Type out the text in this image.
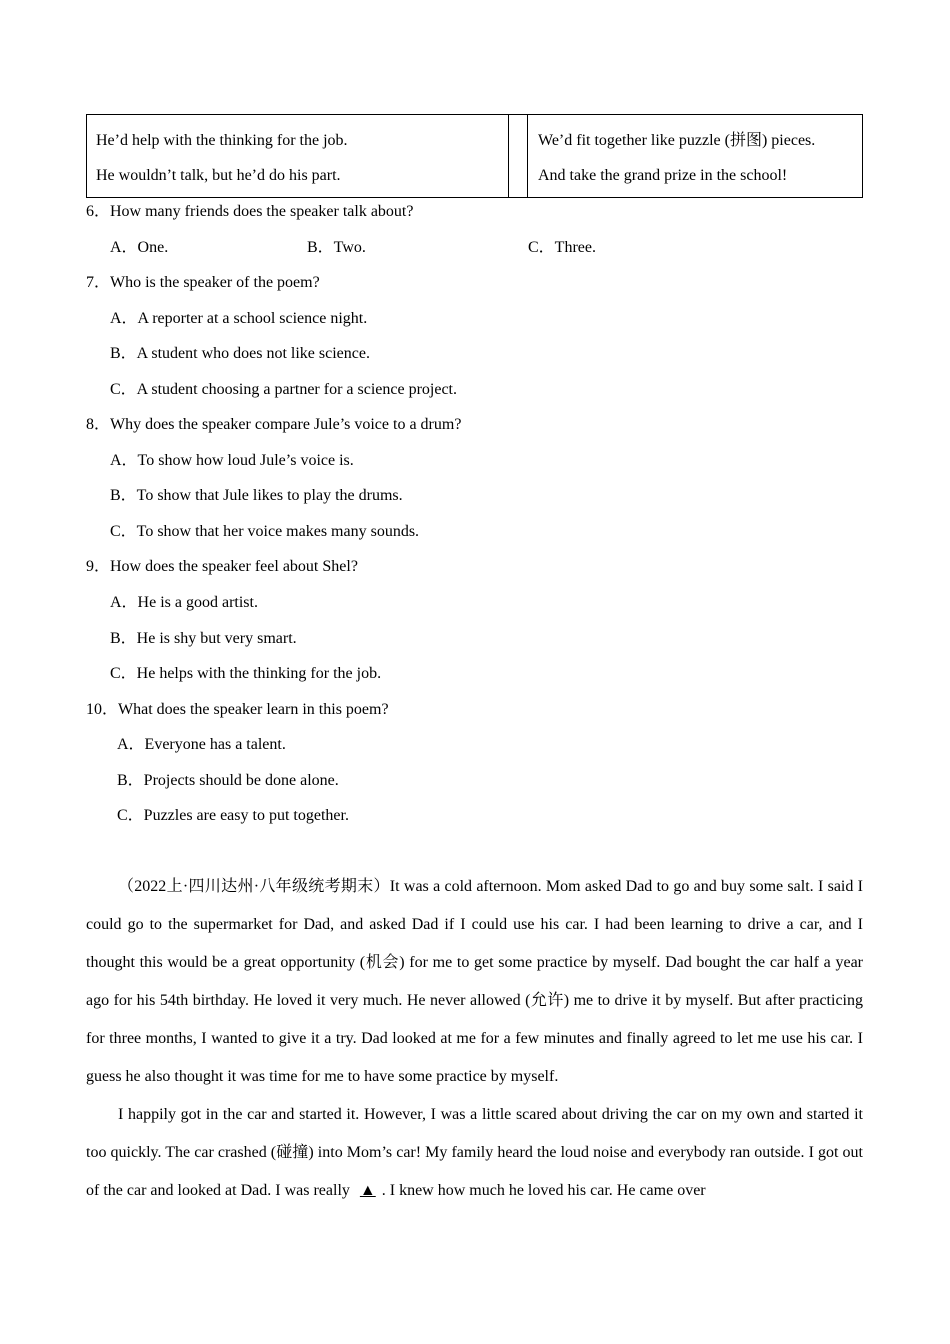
He’d help with the thinking for the job.
He wouldn’t talk, but he’d do his part.
We’d fit together like puzzle (拼图) pieces.
And take the grand prize in the school!
6．How many friends does the speaker talk about?
A．One.	B．Two.	C．Three.
7．Who is the speaker of the poem?
A．A reporter at a school science night.
B．A student who does not like science.
C．A student choosing a partner for a science project.
8．Why does the speaker compare Jule’s voice to a drum?
A．To show how loud Jule’s voice is.
B．To show that Jule likes to play the drums.
C．To show that her voice makes many sounds.
9．How does the speaker feel about Shel?
A．He is a good artist.
B．He is shy but very smart.
C．He helps with the thinking for the job.
10．What does the speaker learn in this poem?
A．Everyone has a talent.
B．Projects should be done alone.
C．Puzzles are easy to put together.

（2022上·四川达州·八年级统考期末）It was a cold afternoon. Mom asked Dad to go and buy some salt. I said I could go to the supermarket for Dad, and asked Dad if I could use his car. I had been learning to drive a car, and I thought this would be a great opportunity (机会) for me to get some practice by myself. Dad bought the car half a year ago for his 54th birthday. He loved it very much. He never allowed (允许) me to drive it by myself. But after practicing for three months, I wanted to give it a try. Dad looked at me for a few minutes and finally agreed to let me use his car. I guess he also thought it was time for me to have some practice by myself.

I happily got in the car and started it. However, I was a little scared about driving the car on my own and started it too quickly. The car crashed (碰撞) into Mom’s car! My family heard the loud noise and everybody ran outside. I got out of the car and looked at Dad. I was really ▲ . I knew how much he loved his car. He came over
